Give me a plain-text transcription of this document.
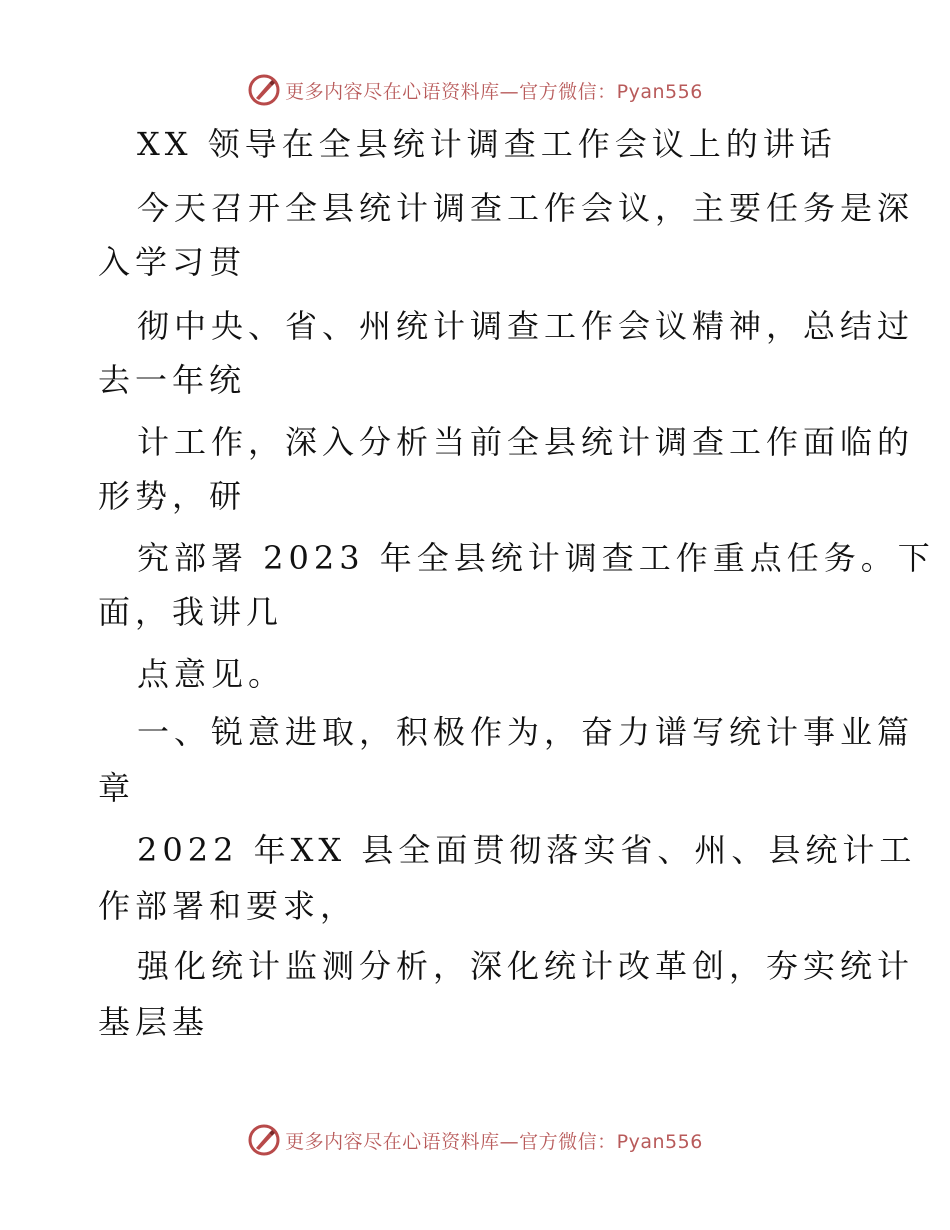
更多内容尽在心语资料库—官方微信：Pyan556
XX 领导在全县统计调查工作会议上的讲话
今天召开全县统计调查工作会议，主要任务是深
入学习贯
彻中央、省、州统计调查工作会议精神，总结过
去一年统
计工作，深入分析当前全县统计调查工作面临的
形势，研
究部署 2023 年全县统计调查工作重点任务。下
面，我讲几
点意见。
一、锐意进取，积极作为，奋力谱写统计事业篇
章
2022 年XX 县全面贯彻落实省、州、县统计工
作部署和要求，
强化统计监测分析，深化统计改革创，夯实统计
基层基
更多内容尽在心语资料库—官方微信：Pyan556
